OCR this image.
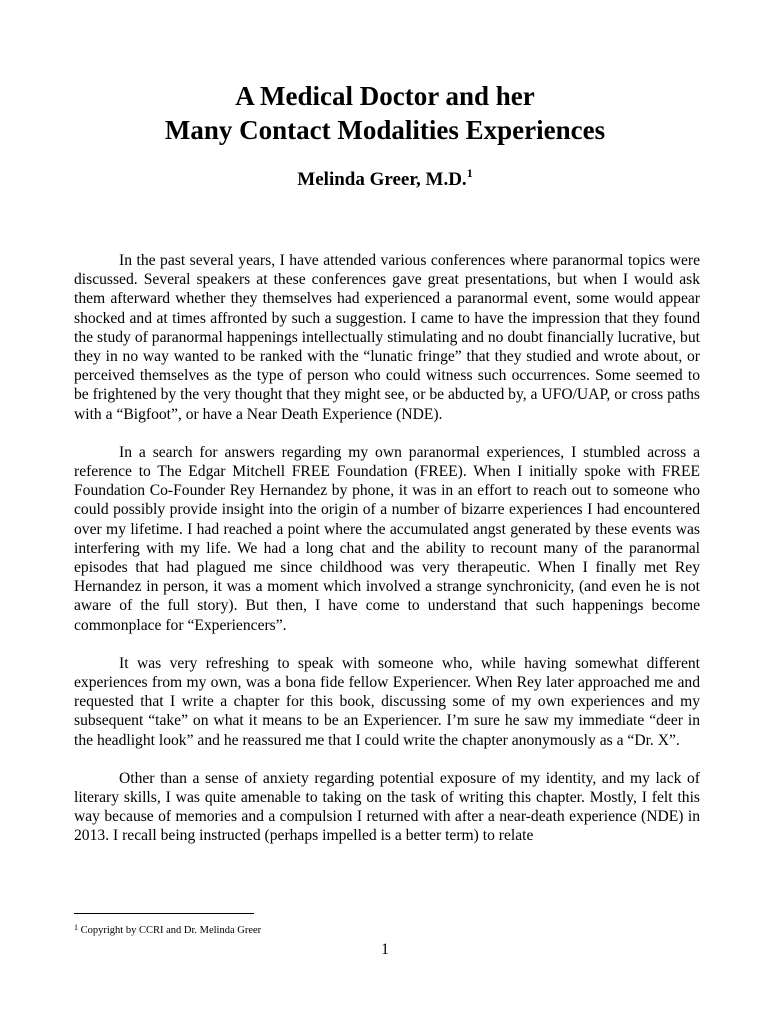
A Medical Doctor and her
Many Contact Modalities Experiences
Melinda Greer, M.D.$^1$

In the past several years, I have attended various conferences where paranormal topics were discussed. Several speakers at these conferences gave great presentations, but when I would ask them afterward whether they themselves had experienced a paranormal event, some would appear shocked and at times affronted by such a suggestion. I came to have the impression that they found the study of paranormal happenings intellectually stimulating and no doubt financially lucrative, but they in no way wanted to be ranked with the “lunatic fringe” that they studied and wrote about, or perceived themselves as the type of person who could witness such occurrences. Some seemed to be frightened by the very thought that they might see, or be abducted by, a UFO/UAP, or cross paths with a “Bigfoot”, or have a Near Death Experience (NDE).

In a search for answers regarding my own paranormal experiences, I stumbled across a reference to The Edgar Mitchell FREE Foundation (FREE). When I initially spoke with FREE Foundation Co-Founder Rey Hernandez by phone, it was in an effort to reach out to someone who could possibly provide insight into the origin of a number of bizarre experiences I had encountered over my lifetime. I had reached a point where the accumulated angst generated by these events was interfering with my life. We had a long chat and the ability to recount many of the paranormal episodes that had plagued me since childhood was very therapeutic. When I finally met Rey Hernandez in person, it was a moment which involved a strange synchronicity, (and even he is not aware of the full story). But then, I have come to understand that such happenings become commonplace for “Experiencers”.

It was very refreshing to speak with someone who, while having somewhat different experiences from my own, was a bona fide fellow Experiencer. When Rey later approached me and requested that I write a chapter for this book, discussing some of my own experiences and my subsequent “take” on what it means to be an Experiencer. I’m sure he saw my immediate “deer in the headlight look” and he reassured me that I could write the chapter anonymously as a “Dr. X”.

Other than a sense of anxiety regarding potential exposure of my identity, and my lack of literary skills, I was quite amenable to taking on the task of writing this chapter. Mostly, I felt this way because of memories and a compulsion I returned with after a near-death experience (NDE) in 2013. I recall being instructed (perhaps impelled is a better term) to relate

$^1$ Copyright by CCRI and Dr. Melinda Greer
1
